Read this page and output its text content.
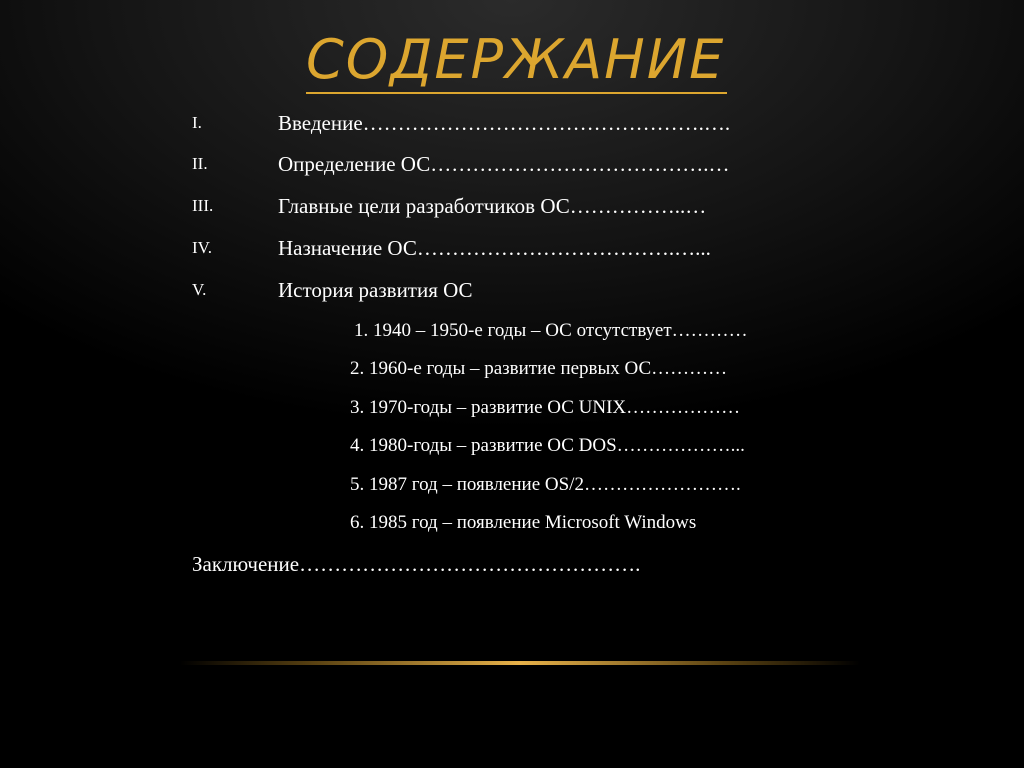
СОДЕРЖАНИЕ
I.	Введение………………………………………….….
II.	Определение ОС………………………………….…
III.	Главные цели разработчиков ОС……………..…
IV.	Назначение ОС……………………………….…...
V.	История развития ОС
1. 1940 – 1950-е годы – ОС отсутствует…………
2. 1960-е годы – развитие первых ОС…………
3. 1970-годы – развитие ОС UNIX………………
4. 1980-годы – развитие ОС DOS………………...
5. 1987 год – появление OS/2…………………….
6. 1985 год – появление Microsoft Windows
Заключение………………………………………….
